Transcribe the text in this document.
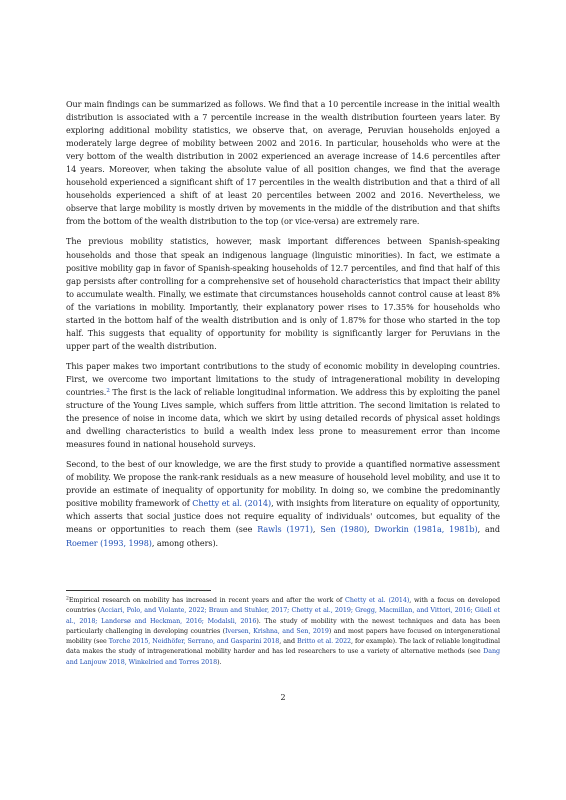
Our main findings can be summarized as follows. We find that a 10 percentile increase in the initial wealth distribution is associated with a 7 percentile increase in the wealth distribution fourteen years later. By exploring additional mobility statistics, we observe that, on average, Peruvian households enjoyed a moderately large degree of mobility between 2002 and 2016. In particular, households who were at the very bottom of the wealth distribution in 2002 experienced an average increase of 14.6 percentiles after 14 years. Moreover, when taking the absolute value of all position changes, we find that the average household experienced a significant shift of 17 percentiles in the wealth distribution and that a third of all households experienced a shift of at least 20 percentiles between 2002 and 2016. Nevertheless, we observe that large mobility is mostly driven by movements in the middle of the distribution and that shifts from the bottom of the wealth distribution to the top (or vice-versa) are extremely rare.

The previous mobility statistics, however, mask important differences between Spanish-speaking households and those that speak an indigenous language (linguistic minorities). In fact, we estimate a positive mobility gap in favor of Spanish-speaking households of 12.7 percentiles, and find that half of this gap persists after controlling for a comprehensive set of household characteristics that impact their ability to accumulate wealth. Finally, we estimate that circumstances households cannot control cause at least 8% of the variations in mobility. Importantly, their explanatory power rises to 17.35% for households who started in the bottom half of the wealth distribution and is only of 1.87% for those who started in the top half. This suggests that equality of opportunity for mobility is significantly larger for Peruvians in the upper part of the wealth distribution.

This paper makes two important contributions to the study of economic mobility in developing countries. First, we overcome two important limitations to the study of intragenerational mobility in developing countries.$^2$ The first is the lack of reliable longitudinal information. We address this by exploiting the panel structure of the Young Lives sample, which suffers from little attrition. The second limitation is related to the presence of noise in income data, which we skirt by using detailed records of physical asset holdings and dwelling characteristics to build a wealth index less prone to measurement error than income measures found in national household surveys.

Second, to the best of our knowledge, we are the first study to provide a quantified normative assessment of mobility. We propose the rank-rank residuals as a new measure of household level mobility, and use it to provide an estimate of inequality of opportunity for mobility. In doing so, we combine the predominantly positive mobility framework of Chetty et al. (2014), with insights from literature on equality of opportunity, which asserts that social justice does not require equality of individuals' outcomes, but equality of the means or opportunities to reach them (see Rawls (1971), Sen (1980), Dworkin (1981a, 1981b), and Roemer (1993, 1998), among others).

$^2$Empirical research on mobility has increased in recent years and after the work of Chetty et al. (2014), with a focus on developed countries (Acciari, Polo, and Violante, 2022; Braun and Stuhler, 2017; Chetty et al., 2019; Gregg, Macmillan, and Vittori, 2016; Güell et al., 2018; Landersø and Heckman, 2016; Modalsli, 2016). The study of mobility with the newest techniques and data has been particularly challenging in developing countries (Iversen, Krishna, and Sen, 2019) and most papers have focused on intergenerational mobility (see Torche 2015, Neidhöfer, Serrano, and Gasparini 2018, and Britto et al. 2022, for example). The lack of reliable longitudinal data makes the study of intragenerational mobility harder and has led researchers to use a variety of alternative methods (see Dang and Lanjouw 2018, Winkelried and Torres 2018).

2
